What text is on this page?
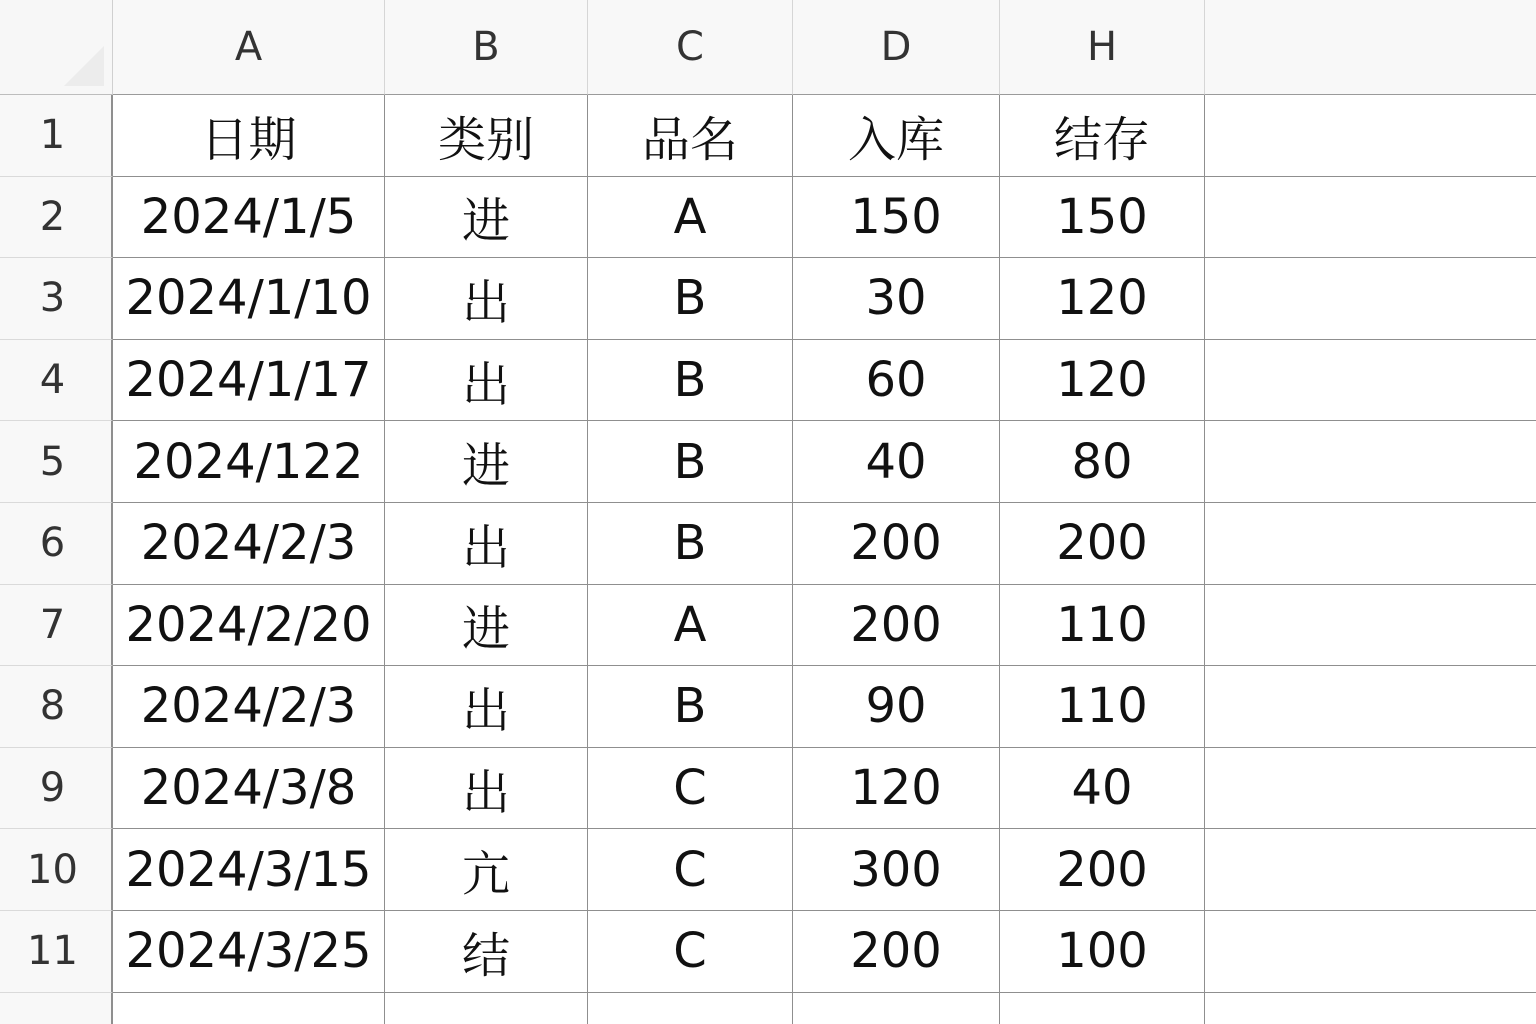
A	B	C	D	H
1	日期	类别	品名	入库	结存
2	2024/1/5	进	A	150	150
3	2024/1/10	出	B	30	120
4	2024/1/17	出	B	60	120
5	2024/122	进	B	40	80
6	2024/2/3	出	B	200	200
7	2024/2/20	进	A	200	110
8	2024/2/3	出	B	90	110
9	2024/3/8	出	C	120	40
10 2024/3/15	亢	C	300	200
11 2024/3/25	结	C	200	100
